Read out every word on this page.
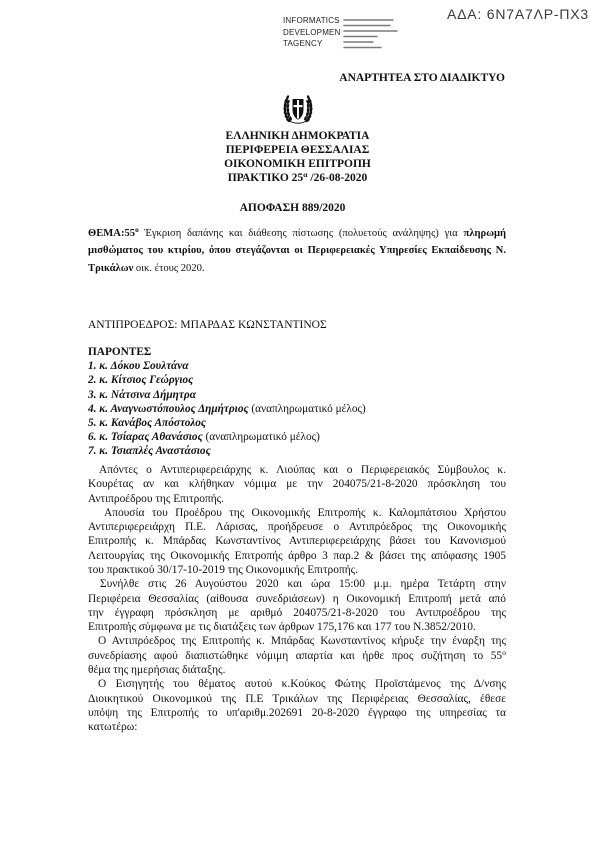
ΑΔΑ: 6Ν7Α7ΛΡ-ΠΧ3
INFORMATICS
DEVELOPMEN
TAGENCY
ΑΝΑΡΤΗΤΕΑ ΣΤΟ ΔΙΑΔΙΚΤΥΟ
ΕΛΛΗΝΙΚΗ ΔΗΜΟΚΡΑΤΙΑ
ΠΕΡΙΦΕΡΕΙΑ ΘΕΣΣΑΛΙΑΣ
ΟΙΚΟΝΟΜΙΚΗ ΕΠΙΤΡΟΠΗ
ΠΡΑΚΤΙΚΟ $25^\alpha$ /26-08-2020
ΑΠΟΦΑΣΗ 889/2020
$\Theta EMA:55^o$ Έγκριση δαπάνης και διάθεσης πίστωσης (πολυετούς ανάληψης) για πληρωμή
μισθώματος του κτιρίου, όπου στεγάζονται οι Περιφερειακές Υπηρεσίες Εκπαίδευσης Ν.
Τρικάλων οικ. έτους 2020.
ΑΝΤΙΠΡΟΕΔΡΟΣ: ΜΠΑΡΔΑΣ ΚΩΝΣΤΑΝΤΙΝΟΣ
ΠΑΡΟΝΤΕΣ
1. κ. Δόκου Σουλτάνα
2. κ. Κίτσιος Γεώργιος
3. κ. Νάτσινα Δήμητρα
4. κ. Αναγνωστόπουλος Δημήτριος (αναπληρωματικό μέλος)
5. κ. Κανάβος Απόστολος
6. κ. Τσίαρας Αθανάσιος (αναπληρωματικό μέλος)
7. κ. Τσιαπλές Αναστάσιος
Απόντες ο Αντιπεριφερειάρχης κ. Λιούπας και ο Περιφερειακός Σύμβουλος κ.
Κουρέτας αν και κλήθηκαν νόμιμα με την 204075/21-8-2020 πρόσκληση του
Αντιπροέδρου της Επιτροπής.
Απουσία του Προέδρου της Οικονομικής Επιτροπής κ. Καλομπάτσιου Χρήστου
Αντιπεριφερειάρχη Π.Ε. Λάρισας, προήδρευσε ο Αντιπρόεδρος της Οικονομικής
Επιτροπής κ. Μπάρδας Κωνσταντίνος Αντιπεριφερειάρχης βάσει του Κανονισμού
Λειτουργίας της Οικονομικής Επιτροπής άρθρο 3 παρ.2 & βάσει της απόφασης 1905
του πρακτικού 30/17-10-2019 της Οικονομικής Επιτροπής.
Συνήλθε στις 26 Αυγούστου 2020 και ώρα 15:00 μ.μ. ημέρα Τετάρτη στην
Περιφέρεια Θεσσαλίας (αίθουσα συνεδριάσεων) η Οικονομική Επιτροπή μετά από
την έγγραφη πρόσκληση με αριθμό 204075/21-8-2020 του Αντιπροέδρου της
Επιτροπής σύμφωνα με τις διατάξεις των άρθρων 175,176 και 177 του Ν.3852/2010.
Ο Αντιπρόεδρος της Επιτροπής κ. Μπάρδας Κωνσταντίνος κήρυξε την έναρξη της
συνεδρίασης αφού διαπιστώθηκε νόμιμη απαρτία και ήρθε προς συζήτηση το $55^o$
θέμα της ημερήσιας διάταξης.
Ο Εισηγητής του θέματος αυτού κ.Κούκος Φώτης Προϊστάμενος της Δ/νσης
Διοικητικού Οικονομικού της Π.Ε Τρικάλων της Περιφέρειας Θεσσαλίας, έθεσε
υπόψη της Επιτροπής το υπ'αριθμ.202691 20-8-2020 έγγραφο της υπηρεσίας τα
κατωτέρω:
